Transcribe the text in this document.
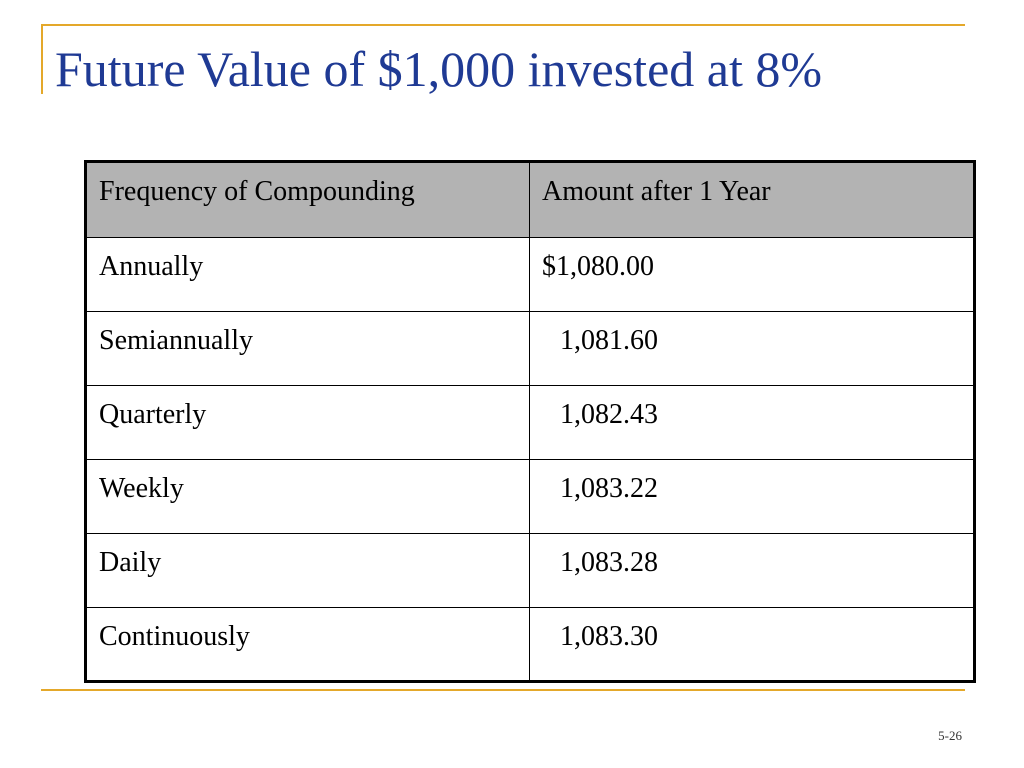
Future Value of $1,000 invested at 8%
Frequency of Compounding	Amount after 1 Year
Annually	$1,080.00
Semiannually	1,081.60
Quarterly	1,082.43
Weekly	1,083.22
Daily	1,083.28
Continuously	1,083.30
5-26
